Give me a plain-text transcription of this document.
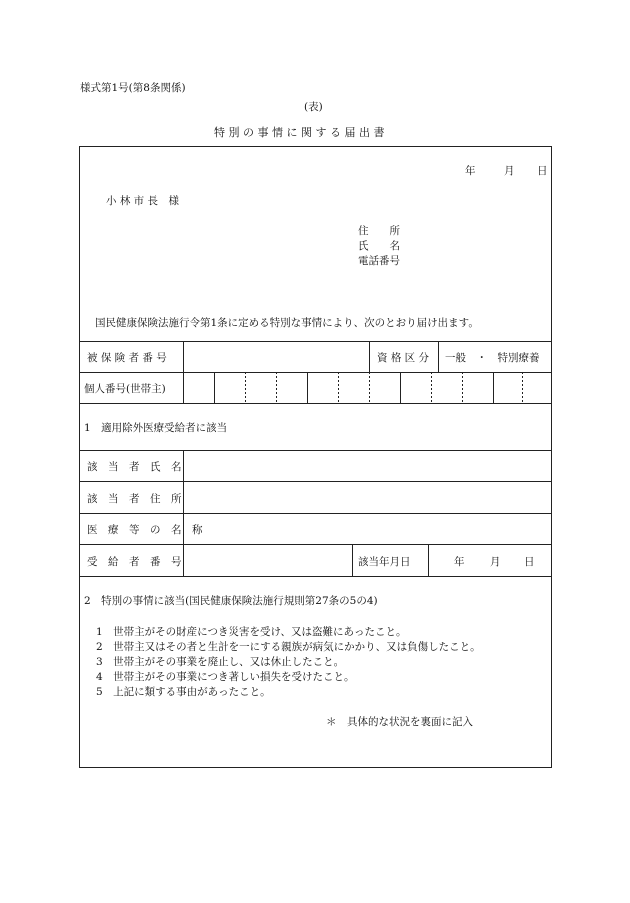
様式第1号(第8条関係)
(表)
特 別 の 事 情 に 関 す る 届 出 書
年	月 日
小 林 市 長　様
住　　所
氏　　名
電話番号
国民健康保険法施行令第1条に定める特別な事情により、次のとおり届け出ます。
被 保 険 者 番 号	資 格 区 分 一般　・　特別療養
個人番号(世帯主)
1　適用除外医療受給者に該当
該　当　者　氏　名
該　当　者　住　所
医　療　等　の　名　称
受　給　者　番　号	該当年月日	年 月 日
2　特別の事情に該当(国民健康保険法施行規則第27条の5の4)
1　世帯主がその財産につき災害を受け、又は盗難にあったこと。
2　世帯主又はその者と生計を一にする親族が病気にかかり、又は負傷したこと。
3　世帯主がその事業を廃止し、又は休止したこと。
4　世帯主がその事業につき著しい損失を受けたこと。
5　上記に類する事由があったこと。
＊　具体的な状況を裏面に記入
